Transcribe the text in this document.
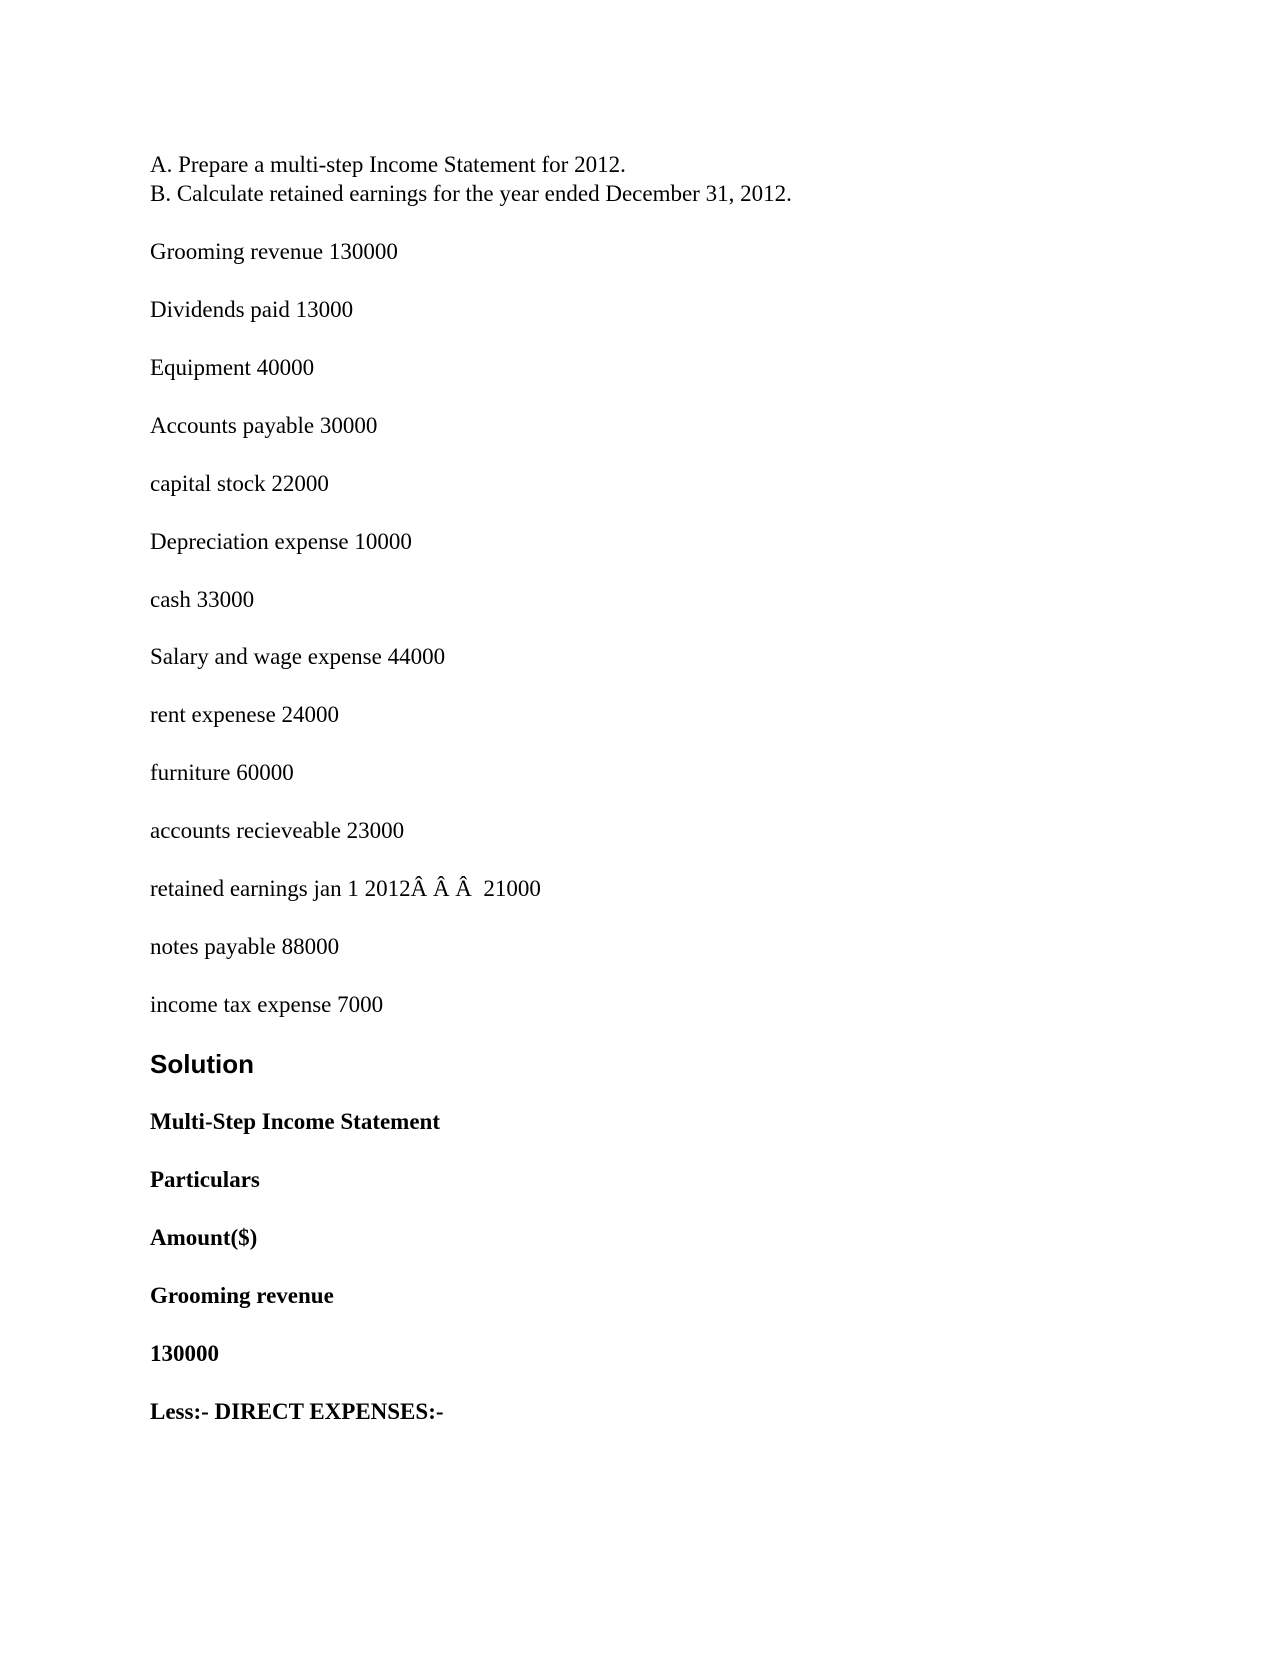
A. Prepare a multi-step Income Statement for 2012.

B. Calculate retained earnings for the year ended December 31, 2012.

Grooming revenue 130000

Dividends paid 13000

Equipment 40000

Accounts payable 30000

capital stock 22000

Depreciation expense 10000

cash 33000

Salary and wage expense 44000

rent expenese 24000

furniture 60000

accounts recieveable 23000

retained earnings jan 1 2012Â Â Â  21000

notes payable 88000

income tax expense 7000

Solution

Multi-Step Income Statement

Particulars

Amount($)

Grooming revenue

130000

Less:- DIRECT EXPENSES:-
